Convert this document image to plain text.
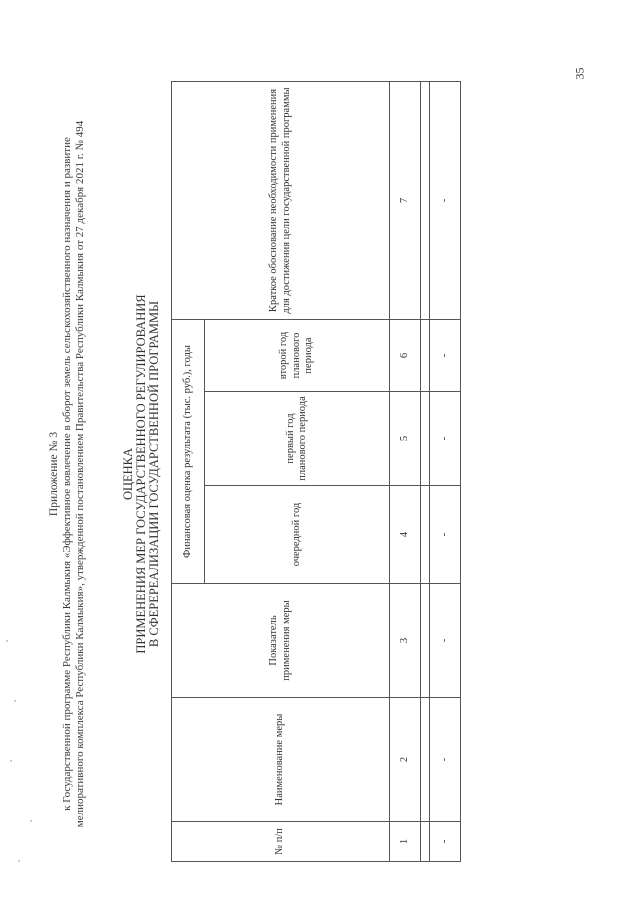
35
Приложение № 3 к Государственной программе Республики Калмыкия «Эффективное вовлечение в оборот земель сельскохозяйственного назначения и развитие мелиоративного комплекса Республики Калмыкия», утвержденной постановлением Правительства Республики Калмыкия от 27 декабря 2021 г. № 494	ОЦЕНКА ПРИМЕНЕНИЯ МЕР ГОСУДАРСТВЕННОГО РЕГУЛИРОВАНИЯ В СФЕРЕРЕАЛИЗАЦИИ ГОСУДАРСТВЕННОЙ ПРОГРАММЫ
№ п/п	Наименование меры	Показатель применения меры	Финансовая оценка результата (тыс. руб.), годы			Краткое обоснование необходимости применения для достижения цели государственной программы
			очередной год	первый год планового периода	второй год планового периода	
1	2	3	4	5	6	7

-	-	-	-	-	-	-
